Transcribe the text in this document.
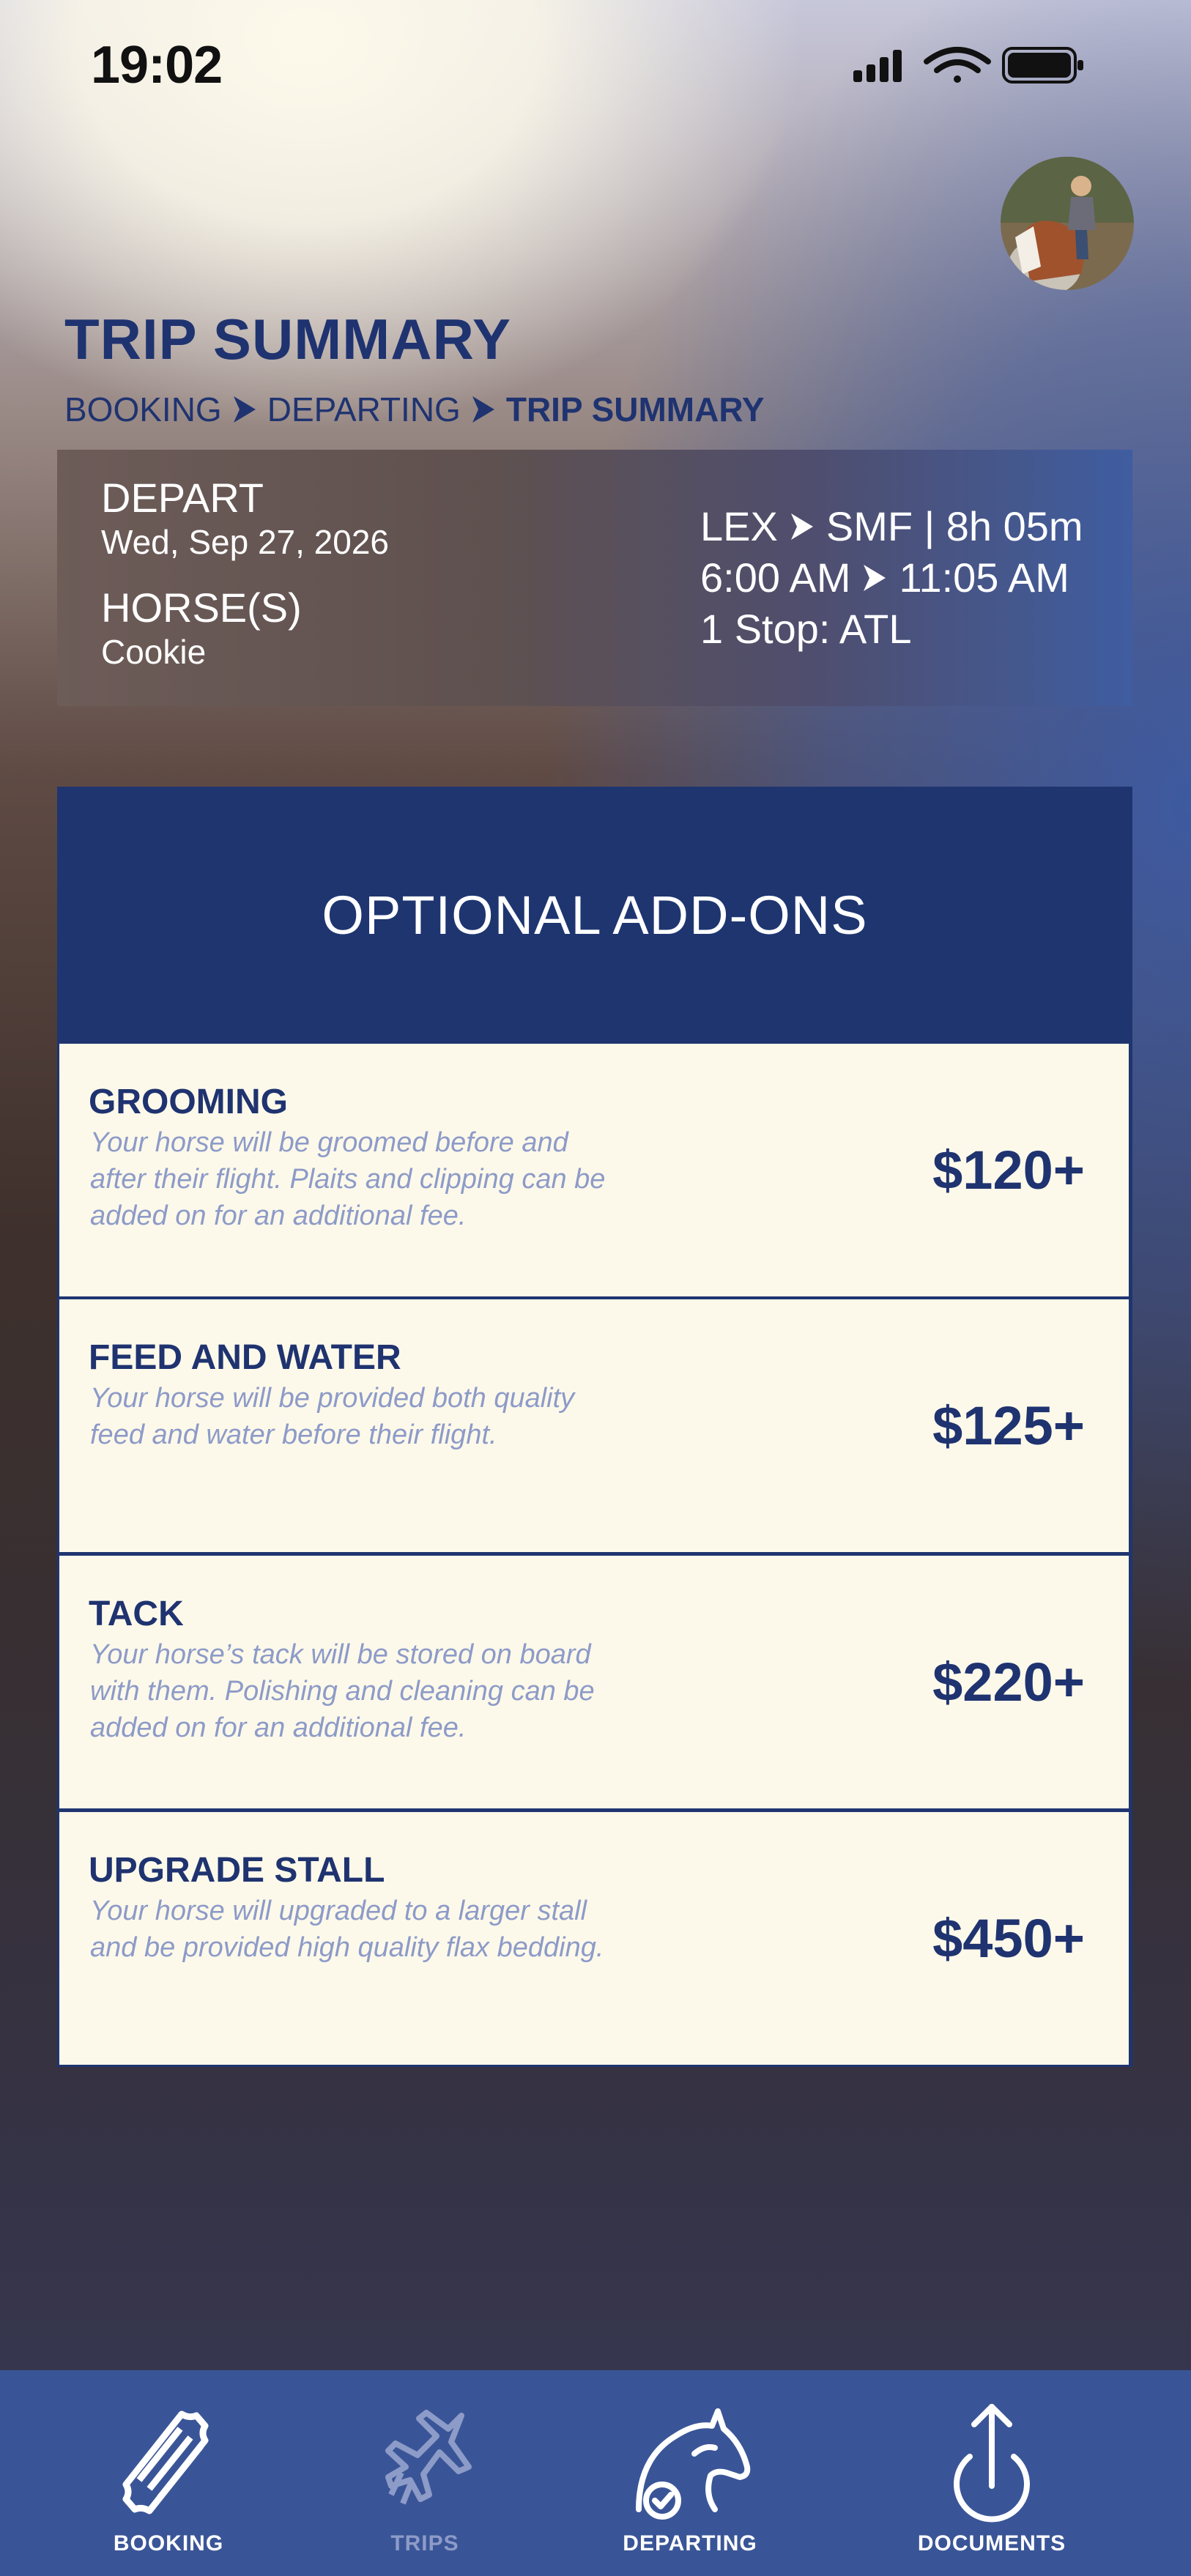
19:02
TRIP SUMMARY
BOOKING DEPARTING TRIP SUMMARY
DEPART
Wed, Sep 27, 2026
HORSE(S)
Cookie
LEX SMF | 8h 05m
6:00 AM 11:05 AM
1 Stop: ATL
OPTIONAL ADD-ONS
GROOMING
Your horse will be groomed before and after their flight. Plaits and clipping can be added on for an additional fee.
$120+
FEED AND WATER
Your horse will be provided both quality feed and water before their flight.	$125+
TACK
Your horse’s tack will be stored on board with them. Polishing and cleaning can be added on for an additional fee.
$220+
UPGRADE STALL
Your horse will upgraded to a larger stall and be provided high quality flax bedding.	$450+
BOOKING	TRIPS	DEPARTING	DOCUMENTS
